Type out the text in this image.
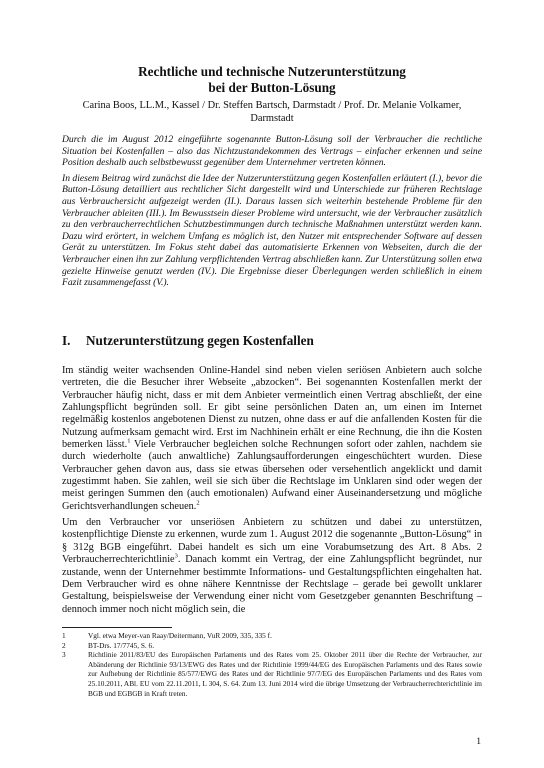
Rechtliche und technische Nutzerunterstützung
bei der Button-Lösung
Carina Boos, LL.M., Kassel / Dr. Steffen Bartsch, Darmstadt / Prof. Dr. Melanie Volkamer,
Darmstadt

Durch die im August 2012 eingeführte sogenannte Button-Lösung soll der Verbraucher die rechtliche Situation bei Kostenfallen – also das Nichtzustandekommen des Vertrags – einfacher erkennen und seine Position deshalb auch selbstbewusst gegenüber dem Unternehmer vertreten können.

In diesem Beitrag wird zunächst die Idee der Nutzerunterstützung gegen Kostenfallen erläutert (I.), bevor die Button-Lösung detailliert aus rechtlicher Sicht dargestellt wird und Unterschiede zur früheren Rechtslage aus Verbrauchersicht aufgezeigt werden (II.). Daraus lassen sich weiterhin bestehende Probleme für den Verbraucher ableiten (III.). Im Bewusstsein dieser Probleme wird untersucht, wie der Verbraucher zusätzlich zu den verbraucherrechtlichen Schutzbestimmungen durch technische Maßnahmen unterstützt werden kann. Dazu wird erörtert, in welchem Umfang es möglich ist, den Nutzer mit entsprechender Software auf dessen Gerät zu unterstützen. Im Fokus steht dabei das automatisierte Erkennen von Webseiten, durch die der Verbraucher einen ihn zur Zahlung verpflichtenden Vertrag abschließen kann. Zur Unterstützung sollen etwa gezielte Hinweise genutzt werden (IV.). Die Ergebnisse dieser Überlegungen werden schließlich in einem Fazit zusammengefasst (V.).

I. Nutzerunterstützung gegen Kostenfallen

Im ständig weiter wachsenden Online-Handel sind neben vielen seriösen Anbietern auch solche vertreten, die die Besucher ihrer Webseite „abzocken“. Bei sogenannten Kostenfallen merkt der Verbraucher häufig nicht, dass er mit dem Anbieter vermeintlich einen Vertrag abschließt, der eine Zahlungspflicht begründen soll. Er gibt seine persönlichen Daten an, um einen im Internet regelmäßig kostenlos angebotenen Dienst zu nutzen, ohne dass er auf die anfallenden Kosten für die Nutzung aufmerksam gemacht wird. Erst im Nachhinein erhält er eine Rechnung, die ihn die Kosten bemerken lässt.$^1$ Viele Verbraucher begleichen solche Rechnungen sofort oder zahlen, nachdem sie durch wiederholte (auch anwaltliche) Zahlungsaufforderungen eingeschüchtert wurden. Diese Verbraucher gehen davon aus, dass sie etwas übersehen oder versehentlich angeklickt und damit zugestimmt haben. Sie zahlen, weil sie sich über die Rechtslage im Unklaren sind oder wegen der meist geringen Summen den (auch emotionalen) Aufwand einer Auseinandersetzung und mögliche Gerichtsverhandlungen scheuen.$^2$

Um den Verbraucher vor unseriösen Anbietern zu schützen und dabei zu unterstützen, kostenpflichtige Dienste zu erkennen, wurde zum 1. August 2012 die sogenannte „Button-Lösung“ in § 312g BGB eingeführt. Dabei handelt es sich um eine Vorabumsetzung des Art. 8 Abs. 2 Verbraucherrechterichtlinie$^3$. Danach kommt ein Vertrag, der eine Zahlungspflicht begründet, nur zustande, wenn der Unternehmer bestimmte Informations- und Gestaltungspflichten eingehalten hat. Dem Verbraucher wird es ohne nähere Kenntnisse der Rechtslage – gerade bei gewollt unklarer Gestaltung, beispielsweise der Verwendung einer nicht vom Gesetzgeber genannten Beschriftung – dennoch immer noch nicht möglich sein, die

1	Vgl. etwa Meyer-van Raay/Deitermann, VuR 2009, 335, 335 f.
2	BT-Drs. 17/7745, S. 6.
3	Richtlinie 2011/83/EU des Europäischen Parlaments und des Rates vom 25. Oktober 2011 über die Rechte der Verbraucher, zur Abänderung der Richtlinie 93/13/EWG des Rates und der Richtlinie 1999/44/EG des Europäischen Parlaments und des Rates sowie zur Aufhebung der Richtlinie 85/577/EWG des Rates und der Richtlinie 97/7/EG des Europäischen Parlaments und des Rates vom 25.10.2011, ABl. EU vom 22.11.2011, L 304, S. 64. Zum 13. Juni 2014 wird die übrige Umsetzung der Verbraucherrechterichtlinie im BGB und EGBGB in Kraft treten.
1
